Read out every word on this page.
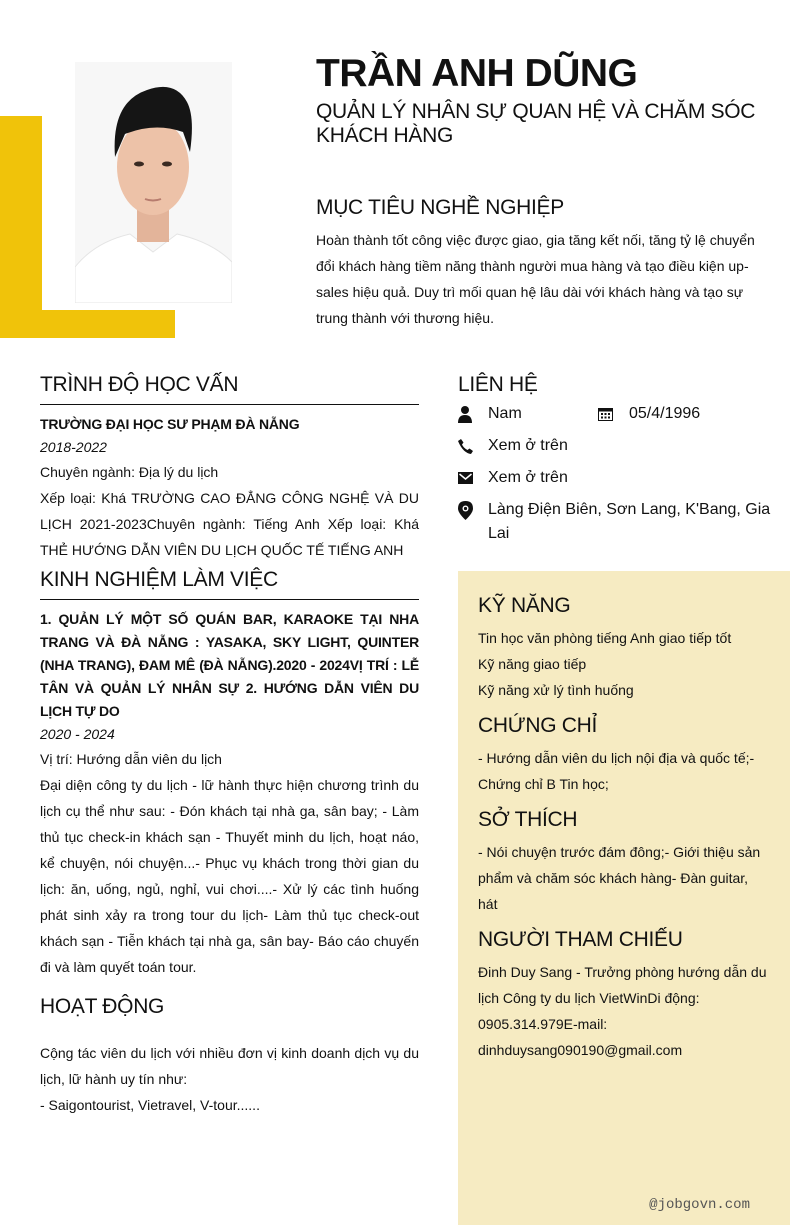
TRẦN ANH DŨNG
QUẢN LÝ NHÂN SỰ QUAN HỆ VÀ CHĂM SÓC KHÁCH HÀNG
MỤC TIÊU NGHỀ NGHIỆP
Hoàn thành tốt công việc được giao, gia tăng kết nối, tăng tỷ lệ chuyển đổi khách hàng tiềm năng thành người mua hàng và tạo điều kiện up-sales hiệu quả. Duy trì mối quan hệ lâu dài với khách hàng và tạo sự trung thành với thương hiệu.
TRÌNH ĐỘ HỌC VẤN
TRƯỜNG ĐẠI HỌC SƯ PHẠM ĐÀ NẴNG
2018-2022
Chuyên ngành: Địa lý du lịch
Xếp loại: Khá TRƯỜNG CAO ĐẲNG CÔNG NGHỆ VÀ DU LỊCH 2021-2023Chuyên ngành: Tiếng Anh Xếp loại: Khá THẺ HƯỚNG DẪN VIÊN DU LỊCH QUỐC TẾ TIẾNG ANH
KINH NGHIỆM LÀM VIỆC
1. QUẢN LÝ MỘT SỐ QUÁN BAR, KARAOKE TẠI NHA TRANG VÀ ĐÀ NẴNG : YASAKA, SKY LIGHT, QUINTER (NHA TRANG), ĐAM MÊ (ĐÀ NẴNG).2020 - 2024VỊ TRÍ : LỄ TÂN VÀ QUẢN LÝ NHÂN SỰ 2. HƯỚNG DẪN VIÊN DU LỊCH TỰ DO
2020 - 2024
Vị trí: Hướng dẫn viên du lịch
Đại diện công ty du lịch - lữ hành thực hiện chương trình du lịch cụ thể như sau: - Đón khách tại nhà ga, sân bay; - Làm thủ tục check-in khách sạn - Thuyết minh du lịch, hoạt náo, kể chuyện, nói chuyện...- Phục vụ khách trong thời gian du lịch: ăn, uống, ngủ, nghỉ, vui chơi....- Xử lý các tình huống phát sinh xảy ra trong tour du lịch- Làm thủ tục check-out khách sạn - Tiễn khách tại nhà ga, sân bay- Báo cáo chuyến đi và làm quyết toán tour.
HOẠT ĐỘNG
Cộng tác viên du lịch với nhiều đơn vị kinh doanh dịch vụ du lịch, lữ hành uy tín như:
- Saigontourist, Vietravel, V-tour......
LIÊN HỆ
Nam	05/4/1996
Xem ở trên
Xem ở trên
Làng Điện Biên, Sơn Lang, K'Bang, Gia Lai
KỸ NĂNG
Tin học văn phòng tiếng Anh giao tiếp tốt
Kỹ năng giao tiếp
Kỹ năng xử lý tình huống
CHỨNG CHỈ
- Hướng dẫn viên du lịch nội địa và quốc tế;- Chứng chỉ B Tin học;
SỞ THÍCH
- Nói chuyện trước đám đông;- Giới thiệu sản phẩm và chăm sóc khách hàng- Đàn guitar, hát
NGƯỜI THAM CHIẾU
Đinh Duy Sang - Trưởng phòng hướng dẫn du lịch Công ty du lịch VietWinDi động: 0905.314.979E-mail: dinhduysang090190@gmail.com
@jobgovn.com
